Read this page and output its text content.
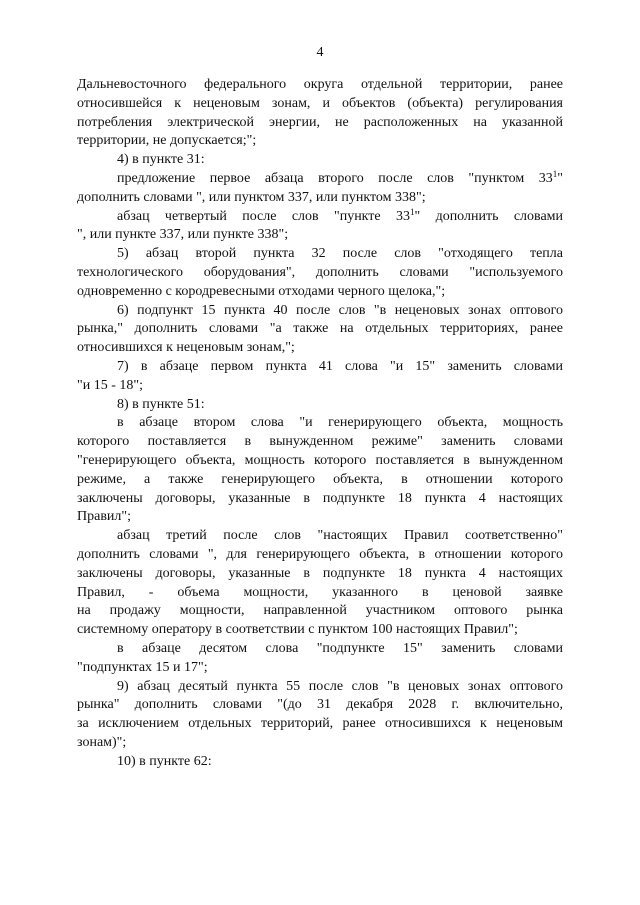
4
Дальневосточного федерального округа отдельной территории, ранее
относившейся к неценовым зонам, и объектов (объекта) регулирования
потребления электрической энергии, не расположенных на указанной
территории, не допускается;";
4) в пункте 31:
предложение первое абзаца второго после слов "пунктом $33^1$"
дополнить словами ", или пунктом 337, или пунктом 338";
абзац четвертый после слов "пункте $33^1$" дополнить словами
", или пункте 337, или пункте 338";
5) абзац второй пункта 32 после слов "отходящего тепла
технологического оборудования", дополнить словами "используемого
одновременно с кородревесными отходами черного щелока,";
6) подпункт 15 пункта 40 после слов "в неценовых зонах оптового
рынка," дополнить словами "а также на отдельных территориях, ранее
относившихся к неценовым зонам,";
7) в абзаце первом пункта 41 слова "и 15" заменить словами
"и 15 - 18";
8) в пункте 51:
в абзаце втором слова "и генерирующего объекта, мощность
которого поставляется в вынужденном режиме" заменить словами
"генерирующего объекта, мощность которого поставляется в вынужденном
режиме, а также генерирующего объекта, в отношении которого
заключены договоры, указанные в подпункте 18 пункта 4 настоящих
Правил";
абзац третий после слов "настоящих Правил соответственно"
дополнить словами ", для генерирующего объекта, в отношении которого
заключены договоры, указанные в подпункте 18 пункта 4 настоящих
Правил, - объема мощности, указанного в ценовой заявке
на продажу мощности, направленной участником оптового рынка
системному оператору в соответствии с пунктом 100 настоящих Правил";
в абзаце десятом слова "подпункте 15" заменить словами
"подпунктах 15 и 17";
9) абзац десятый пункта 55 после слов "в ценовых зонах оптового
рынка" дополнить словами "(до 31 декабря 2028 г. включительно,
за исключением отдельных территорий, ранее относившихся к неценовым
зонам)";
10) в пункте 62:
